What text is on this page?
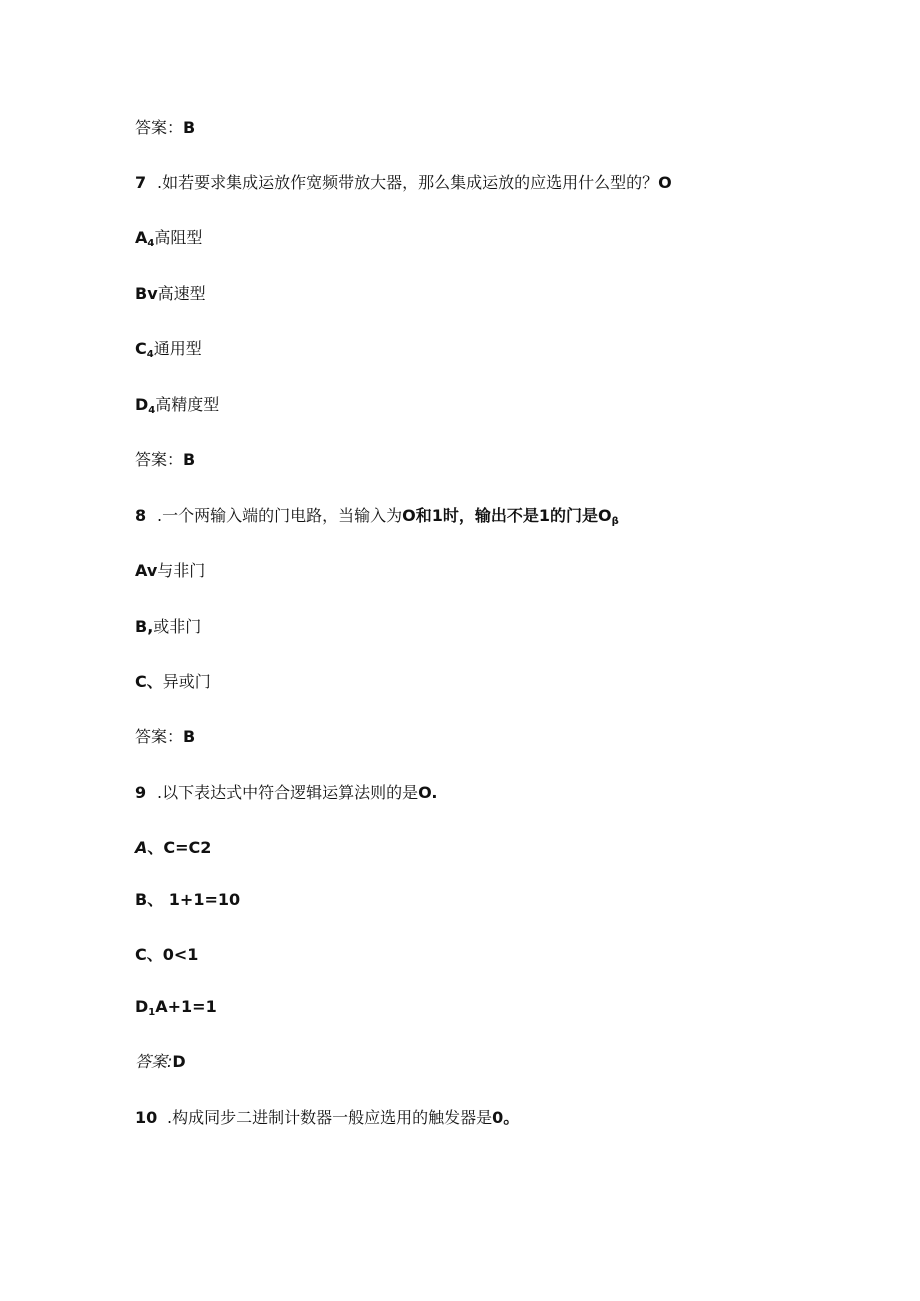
答案：B
7 .如若要求集成运放作宽频带放大器，那么集成运放的应选用什么型的？O
$A_4$高阻型
Bv高速型
$C_4$通用型
$D_4$高精度型
答案：B
8 .一个两输入端的门电路，当输入为O和1时，输出不是1的门是$O_\beta$
Av与非门
B,或非门
C、异或门
答案：B
9 .以下表达式中符合逻辑运算法则的是O.
A、C=C2
B、 1+1=10
C、0<1
$D_1A+1=1$
答案:D
10 .构成同步二进制计数器一般应选用的触发器是0。
